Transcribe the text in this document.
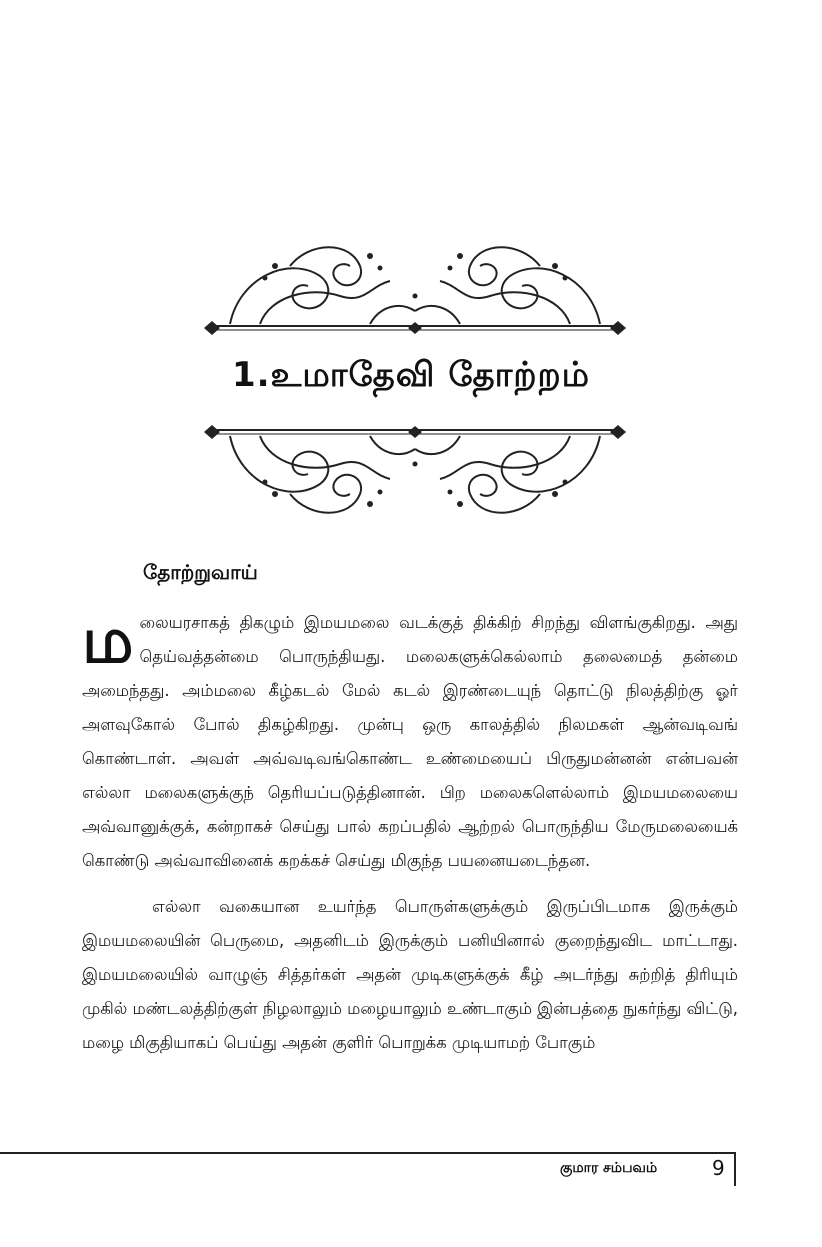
1.உமாதேவி தோற்றம்
தோற்றுவாய்

மலையரசாகத் திகழும் இமயமலை வடக்குத் திக்கிற் சிறந்து விளங்குகிறது. அது தெய்வத்தன்மை பொருந்தியது. மலைகளுக்கெல்லாம் தலைமைத் தன்மை அமைந்தது. அம்மலை கீழ்கடல் மேல் கடல் இரண்டையுந் தொட்டு நிலத்திற்கு ஓர் அளவுகோல் போல் திகழ்கிறது. முன்பு ஒரு காலத்தில் நிலமகள் ஆன்வடிவங் கொண்டாள். அவள் அவ்வடிவங்கொண்ட உண்மையைப் பிருதுமன்னன் என்பவன் எல்லா மலைகளுக்குந் தெரியப்படுத்தினான். பிற மலைகளெல்லாம் இமயமலையை அவ்வானுக்குக், கன்றாகச் செய்து பால் கறப்பதில் ஆற்றல் பொருந்திய மேருமலையைக் கொண்டு அவ்வாவினைக் கறக்கச் செய்து மிகுந்த பயனையடைந்தன.

எல்லா வகையான உயர்ந்த பொருள்களுக்கும் இருப்பிடமாக இருக்கும் இமயமலையின் பெருமை, அதனிடம் இருக்கும் பனியினால் குறைந்துவிட மாட்டாது. இமயமலையில் வாழுஞ் சித்தர்கள் அதன் முடிகளுக்குக் கீழ் அடர்ந்து சுற்றித் திரியும் முகில் மண்டலத்திற்குள் நிழலாலும் மழையாலும் உண்டாகும் இன்பத்தை நுகர்ந்து விட்டு, மழை மிகுதியாகப் பெய்து அதன் குளிர் பொறுக்க முடியாமற் போகும்

குமார சம்பவம்	9
